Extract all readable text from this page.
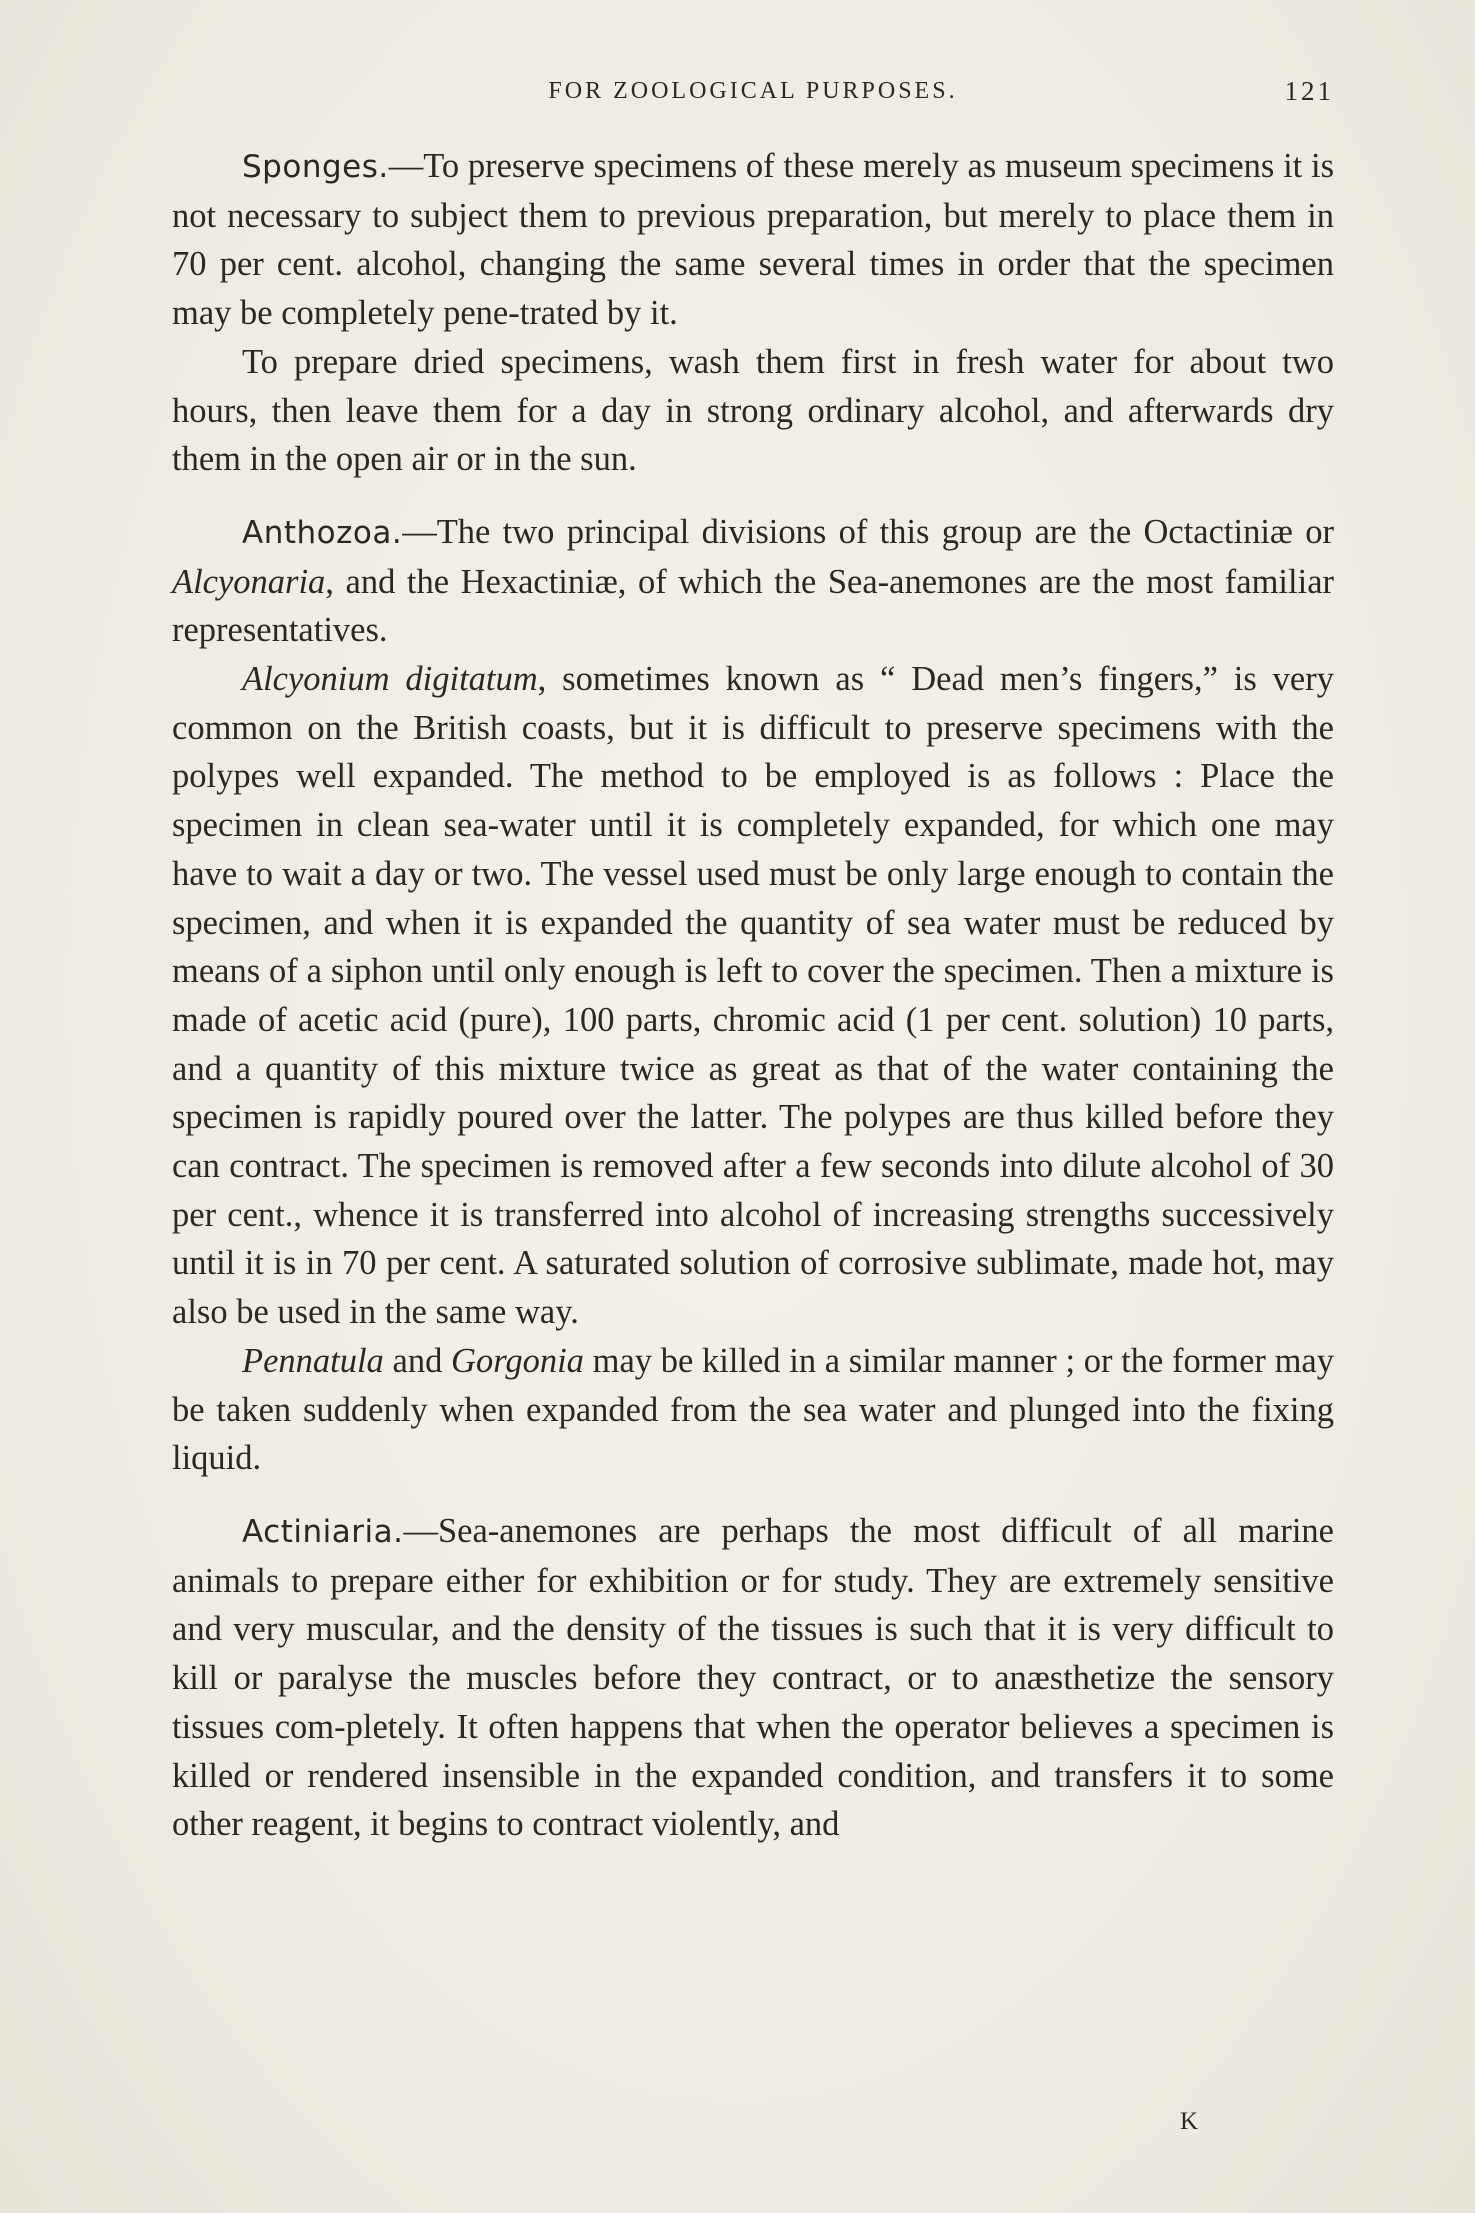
FOR ZOOLOGICAL PURPOSES.	121

Sponges.—To preserve specimens of these merely as museum specimens it is not necessary to subject them to previous preparation, but merely to place them in 70 per cent. alcohol, changing the same several times in order that the specimen may be completely pene-trated by it.

To prepare dried specimens, wash them first in fresh water for about two hours, then leave them for a day in strong ordinary alcohol, and afterwards dry them in the open air or in the sun.

Anthozoa.—The two principal divisions of this group are the Octactiniæ or Alcyonaria, and the Hexactiniæ, of which the Sea-anemones are the most familiar representatives.

Alcyonium digitatum, sometimes known as “ Dead men’s fingers,” is very common on the British coasts, but it is difficult to preserve specimens with the polypes well expanded. The method to be employed is as follows : Place the specimen in clean sea-water until it is completely expanded, for which one may have to wait a day or two. The vessel used must be only large enough to contain the specimen, and when it is expanded the quantity of sea water must be reduced by means of a siphon until only enough is left to cover the specimen. Then a mixture is made of acetic acid (pure), 100 parts, chromic acid (1 per cent. solution) 10 parts, and a quantity of this mixture twice as great as that of the water containing the specimen is rapidly poured over the latter. The polypes are thus killed before they can contract. The specimen is removed after a few seconds into dilute alcohol of 30 per cent., whence it is transferred into alcohol of increasing strengths successively until it is in 70 per cent. A saturated solution of corrosive sublimate, made hot, may also be used in the same way.

Pennatula and Gorgonia may be killed in a similar manner ; or the former may be taken suddenly when expanded from the sea water and plunged into the fixing liquid.

Actiniaria.—Sea-anemones are perhaps the most difficult of all marine animals to prepare either for exhibition or for study. They are extremely sensitive and very muscular, and the density of the tissues is such that it is very difficult to kill or paralyse the muscles before they contract, or to anæsthetize the sensory tissues com-pletely. It often happens that when the operator believes a specimen is killed or rendered insensible in the expanded condition, and transfers it to some other reagent, it begins to contract violently, and

K
